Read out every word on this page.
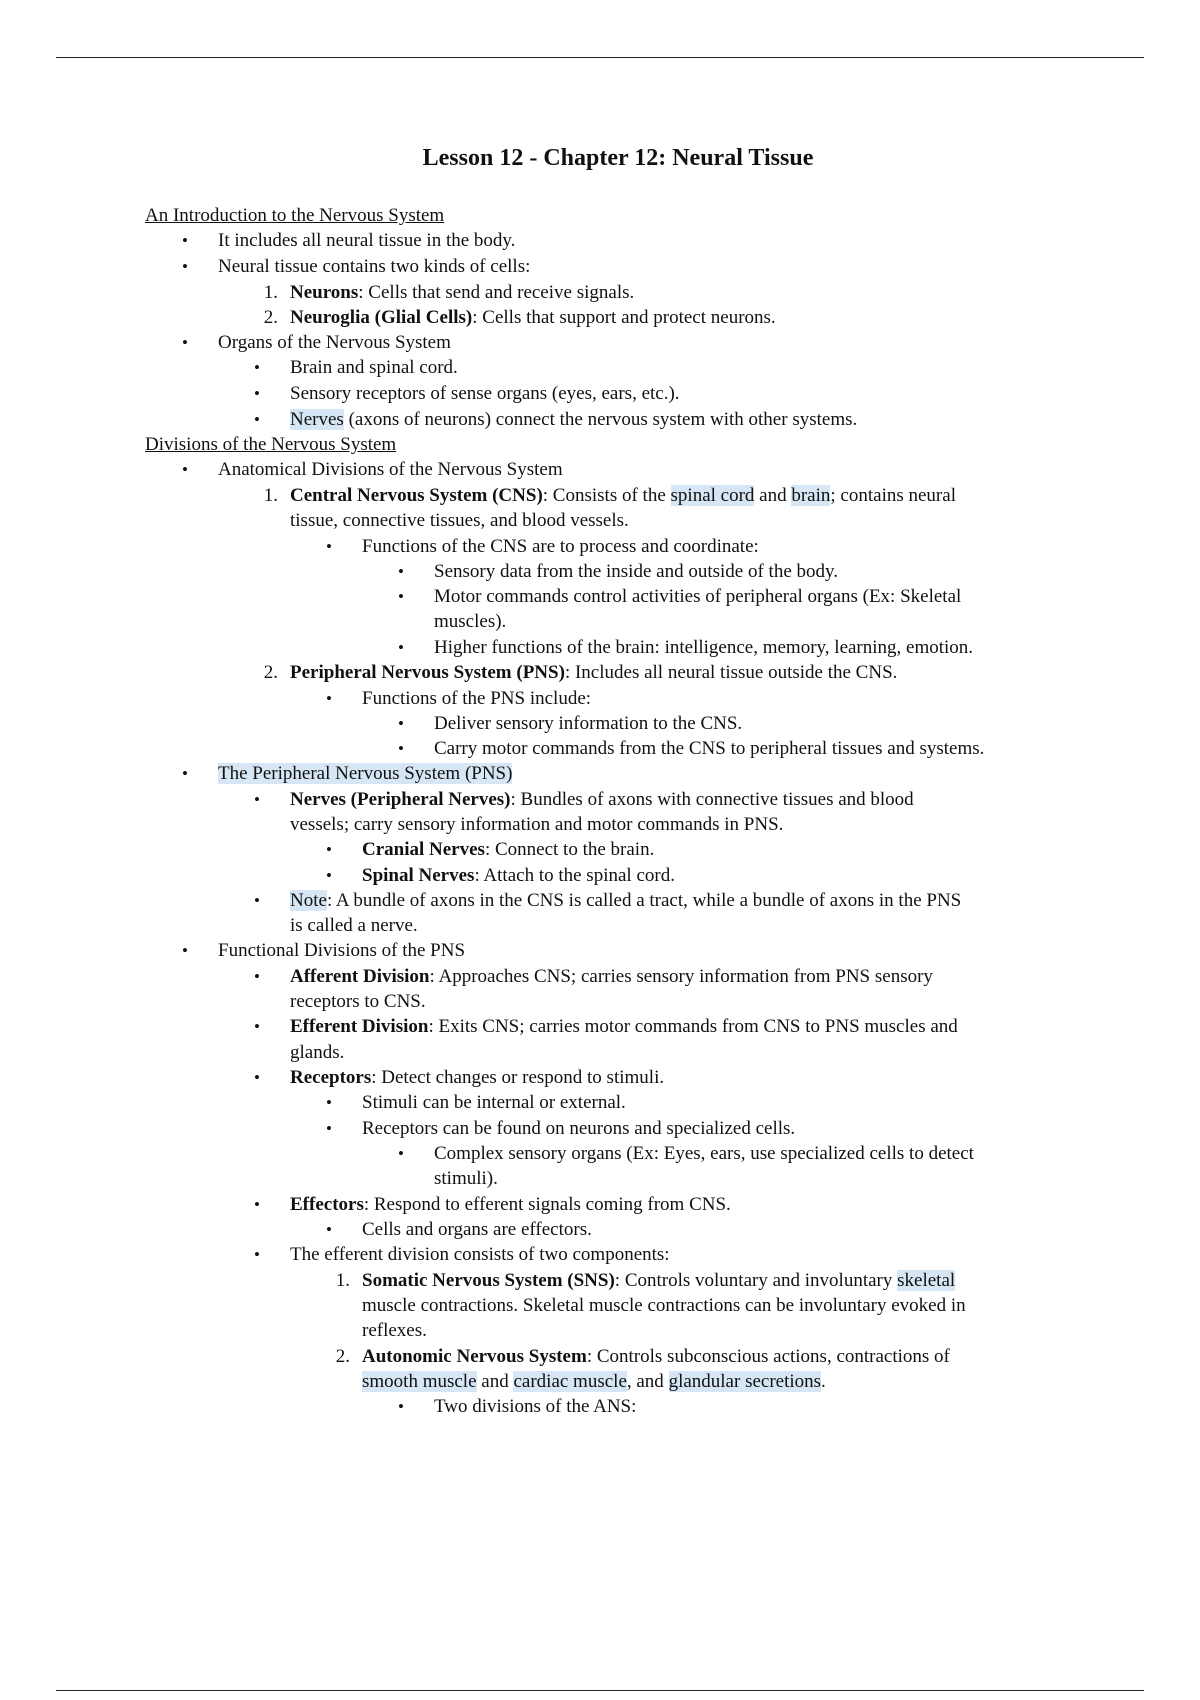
Lesson 12 - Chapter 12: Neural Tissue
An Introduction to the Nervous System
• It includes all neural tissue in the body.
• Neural tissue contains two kinds of cells:
1. Neurons: Cells that send and receive signals.
2. Neuroglia (Glial Cells): Cells that support and protect neurons.
• Organs of the Nervous System
• Brain and spinal cord.
• Sensory receptors of sense organs (eyes, ears, etc.).
• Nerves (axons of neurons) connect the nervous system with other systems.
Divisions of the Nervous System
• Anatomical Divisions of the Nervous System
1. Central Nervous System (CNS): Consists of the spinal cord and brain; contains neural
tissue, connective tissues, and blood vessels.
• Functions of the CNS are to process and coordinate:
• Sensory data from the inside and outside of the body.
• Motor commands control activities of peripheral organs (Ex: Skeletal
muscles).
• Higher functions of the brain: intelligence, memory, learning, emotion.
2. Peripheral Nervous System (PNS): Includes all neural tissue outside the CNS.
• Functions of the PNS include:
• Deliver sensory information to the CNS.
• Carry motor commands from the CNS to peripheral tissues and systems.
• The Peripheral Nervous System (PNS)
• Nerves (Peripheral Nerves): Bundles of axons with connective tissues and blood
vessels; carry sensory information and motor commands in PNS.
• Cranial Nerves: Connect to the brain.
• Spinal Nerves: Attach to the spinal cord.
• Note: A bundle of axons in the CNS is called a tract, while a bundle of axons in the PNS
is called a nerve.
• Functional Divisions of the PNS
• Afferent Division: Approaches CNS; carries sensory information from PNS sensory
receptors to CNS.
• Efferent Division: Exits CNS; carries motor commands from CNS to PNS muscles and
glands.
• Receptors: Detect changes or respond to stimuli.
• Stimuli can be internal or external.
• Receptors can be found on neurons and specialized cells.
• Complex sensory organs (Ex: Eyes, ears, use specialized cells to detect
stimuli).
• Effectors: Respond to efferent signals coming from CNS.
• Cells and organs are effectors.
• The efferent division consists of two components:
1. Somatic Nervous System (SNS): Controls voluntary and involuntary skeletal
muscle contractions. Skeletal muscle contractions can be involuntary evoked in
reflexes.
2. Autonomic Nervous System: Controls subconscious actions, contractions of
smooth muscle and cardiac muscle, and glandular secretions.
• Two divisions of the ANS:
